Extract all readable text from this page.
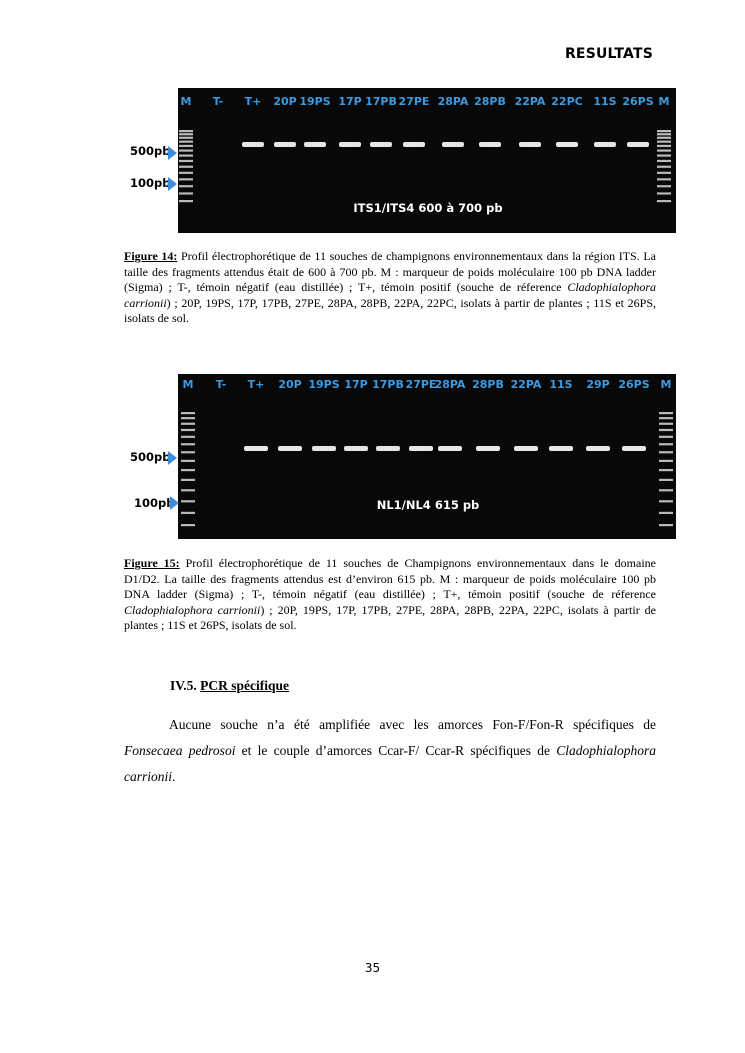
RESULTATS
M T- T+ 20P 19PS 17P 17PB 27PE 28PA 28PB 22PA 22PC 11S 26PS M
ITS1/ITS4 600 à 700 pb
500pb
100pb
Figure 14: Profil électrophorétique de 11 souches de champignons environnementaux dans la région ITS. La taille des fragments attendus était de 600 à 700 pb. M : marqueur de poids moléculaire 100 pb DNA ladder (Sigma) ; T-, témoin négatif (eau distillée) ; T+, témoin positif (souche de réference Cladophialophora carrionii) ; 20P, 19PS, 17P, 17PB, 27PE, 28PA, 28PB, 22PA, 22PC, isolats à partir de plantes ; 11S et 26PS, isolats de sol.
M T- T+ 20P 19PS 17P 17PB 27PE
28PA 28PB 22PA 11S 29P 26PS M
NL1/NL4 615 pb
500pb
100pb
Figure 15: Profil électrophorétique de 11 souches de Champignons environnementaux dans le domaine D1/D2. La taille des fragments attendus est d’environ 615 pb. M : marqueur de poids moléculaire 100 pb DNA ladder (Sigma) ; T-, témoin négatif (eau distillée) ; T+, témoin positif (souche de réference Cladophialophora carrionii) ; 20P, 19PS, 17P, 17PB, 27PE, 28PA, 28PB, 22PA, 22PC, isolats à partir de plantes ; 11S et 26PS, isolats de sol.
IV.5. PCR spécifique
Aucune souche n’a été amplifiée avec les amorces Fon-F/Fon-R spécifiques de Fonsecaea pedrosoi et le couple d’amorces Ccar-F/ Ccar-R spécifiques de Cladophialophora carrionii.
35
